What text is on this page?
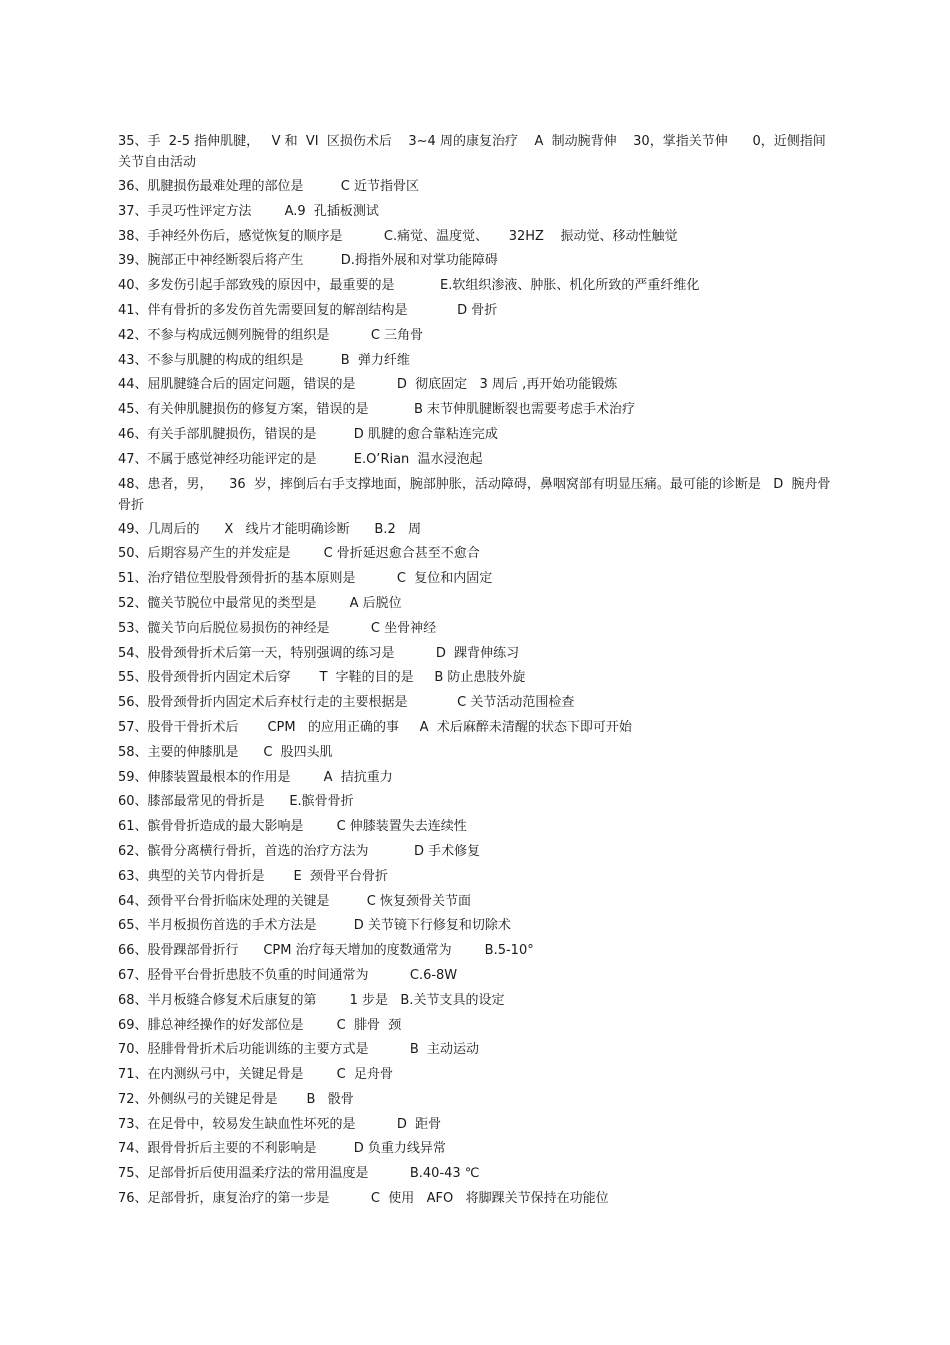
35、手  2-5 指伸肌腱，   V 和  VI  区损伤术后    3~4 周的康复治疗    A  制动腕背伸    30，掌指关节伸      0，近侧指间关节自由活动
36、肌腱损伤最难处理的部位是         C 近节指骨区
37、手灵巧性评定方法        A.9  孔插板测试
38、手神经外伤后，感觉恢复的顺序是          C.痛觉、温度觉、     32HZ    振动觉、移动性触觉
39、腕部正中神经断裂后将产生         D.拇指外展和对掌功能障碍
40、多发伤引起手部致残的原因中，最重要的是           E.软组织渗液、肿胀、机化所致的严重纤维化
41、伴有骨折的多发伤首先需要回复的解剖结构是            D 骨折
42、不参与构成远侧列腕骨的组织是          C 三角骨
43、不参与肌腱的构成的组织是         B  弹力纤维
44、屈肌腱缝合后的固定问题，错误的是          D  彻底固定   3 周后 ,再开始功能锻炼
45、有关伸肌腱损伤的修复方案，错误的是           B 末节伸肌腱断裂也需要考虑手术治疗
46、有关手部肌腱损伤，错误的是         D 肌腱的愈合靠粘连完成
47、不属于感觉神经功能评定的是         E.O’Rian  温水浸泡起
48、患者，男，    36  岁，摔倒后右手支撑地面，腕部肿胀，活动障碍，鼻咽窝部有明显压痛。最可能的诊断是   D  腕舟骨骨折
49、几周后的      X   线片才能明确诊断      B.2   周
50、后期容易产生的并发症是        C 骨折延迟愈合甚至不愈合
51、治疗错位型股骨颈骨折的基本原则是          C  复位和内固定
52、髋关节脱位中最常见的类型是        A 后脱位
53、髋关节向后脱位易损伤的神经是          C 坐骨神经
54、股骨颈骨折术后第一天，特别强调的练习是          D  踝背伸练习
55、股骨颈骨折内固定术后穿       T  字鞋的目的是     B 防止患肢外旋
56、股骨颈骨折内固定术后弃杖行走的主要根据是            C 关节活动范围检查
57、股骨干骨折术后       CPM   的应用正确的事     A  术后麻醉未清醒的状态下即可开始
58、主要的伸膝肌是      C  股四头肌
59、伸膝装置最根本的作用是        A  拮抗重力
60、膝部最常见的骨折是      E.髌骨骨折
61、髌骨骨折造成的最大影响是        C 伸膝装置失去连续性
62、髌骨分离横行骨折，首选的治疗方法为           D 手术修复
63、典型的关节内骨折是       E  颈骨平台骨折
64、颈骨平台骨折临床处理的关键是         C 恢复颈骨关节面
65、半月板损伤首选的手术方法是         D 关节镜下行修复和切除术
66、股骨踝部骨折行      CPM 治疗每天增加的度数通常为        B.5-10°
67、胫骨平台骨折患肢不负重的时间通常为          C.6-8W
68、半月板缝合修复术后康复的第        1 步是   B.关节支具的设定
69、腓总神经操作的好发部位是        C  腓骨  颈
70、胫腓骨骨折术后功能训练的主要方式是          B  主动运动
71、在内测纵弓中，关键足骨是        C  足舟骨
72、外侧纵弓的关键足骨是       B   骰骨
73、在足骨中，较易发生缺血性坏死的是          D  距骨
74、跟骨骨折后主要的不利影响是         D 负重力线异常
75、足部骨折后使用温柔疗法的常用温度是          B.40-43 ℃
76、足部骨折，康复治疗的第一步是          C  使用   AFO   将脚踝关节保持在功能位
